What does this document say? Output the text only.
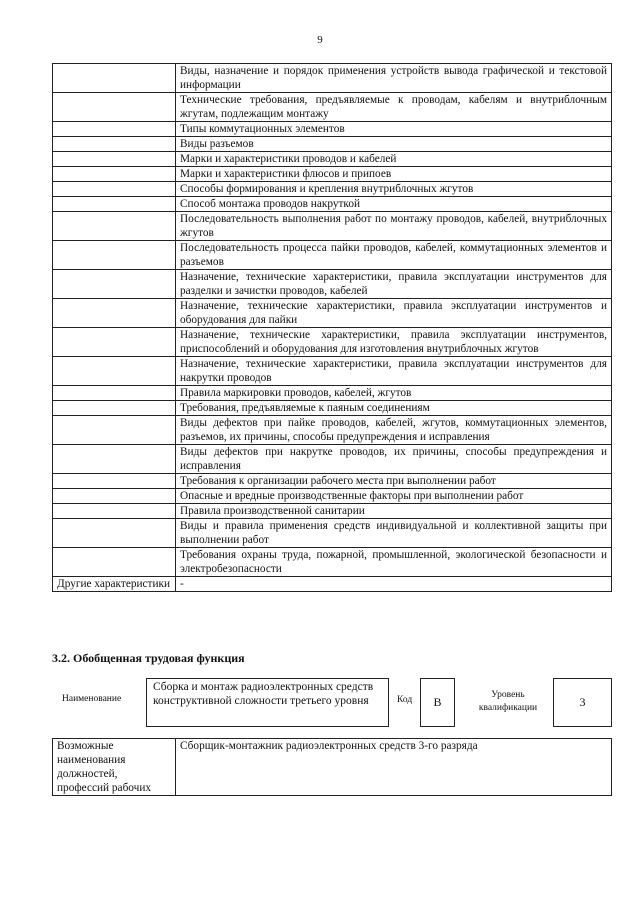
9
	Виды, назначение и порядок применения устройств вывода графической и текстовой информации
	Технические требования, предъявляемые к проводам, кабелям и внутриблочным жгутам, подлежащим монтажу
	Типы коммутационных элементов
	Виды разъемов
	Марки и характеристики проводов и кабелей
	Марки и характеристики флюсов и припоев
	Способы формирования и крепления внутриблочных жгутов
	Способ монтажа проводов накруткой
	Последовательность выполнения работ по монтажу проводов, кабелей, внутриблочных жгутов
	Последовательность процесса пайки проводов, кабелей, коммутационных элементов и разъемов
	Назначение, технические характеристики, правила эксплуатации инструментов для разделки и зачистки проводов, кабелей
	Назначение, технические характеристики, правила эксплуатации инструментов и оборудования для пайки
	Назначение, технические характеристики, правила эксплуатации инструментов, приспособлений и оборудования для изготовления внутриблочных жгутов
	Назначение, технические характеристики, правила эксплуатации инструментов для накрутки проводов
	Правила маркировки проводов, кабелей, жгутов
	Требования, предъявляемые к паяным соединениям
	Виды дефектов при пайке проводов, кабелей, жгутов, коммутационных элементов, разъемов, их причины, способы предупреждения и исправления
	Виды дефектов при накрутке проводов, их причины, способы предупреждения и исправления
	Требования к организации рабочего места при выполнении работ
	Опасные и вредные производственные факторы при выполнении работ
	Правила производственной санитарии
	Виды и правила применения средств индивидуальной и коллективной защиты при выполнении работ
	Требования охраны труда, пожарной, промышленной, экологической безопасности и электробезопасности
Другие характеристики	-
3.2. Обобщенная трудовая функция
Наименование
Сборка и монтаж радиоэлектронных средств конструктивной сложности третьего уровня	Код	B	Уровень квалификации	3
Возможные наименования должностей, профессий рабочих	Сборщик-монтажник радиоэлектронных средств 3-го разряда
